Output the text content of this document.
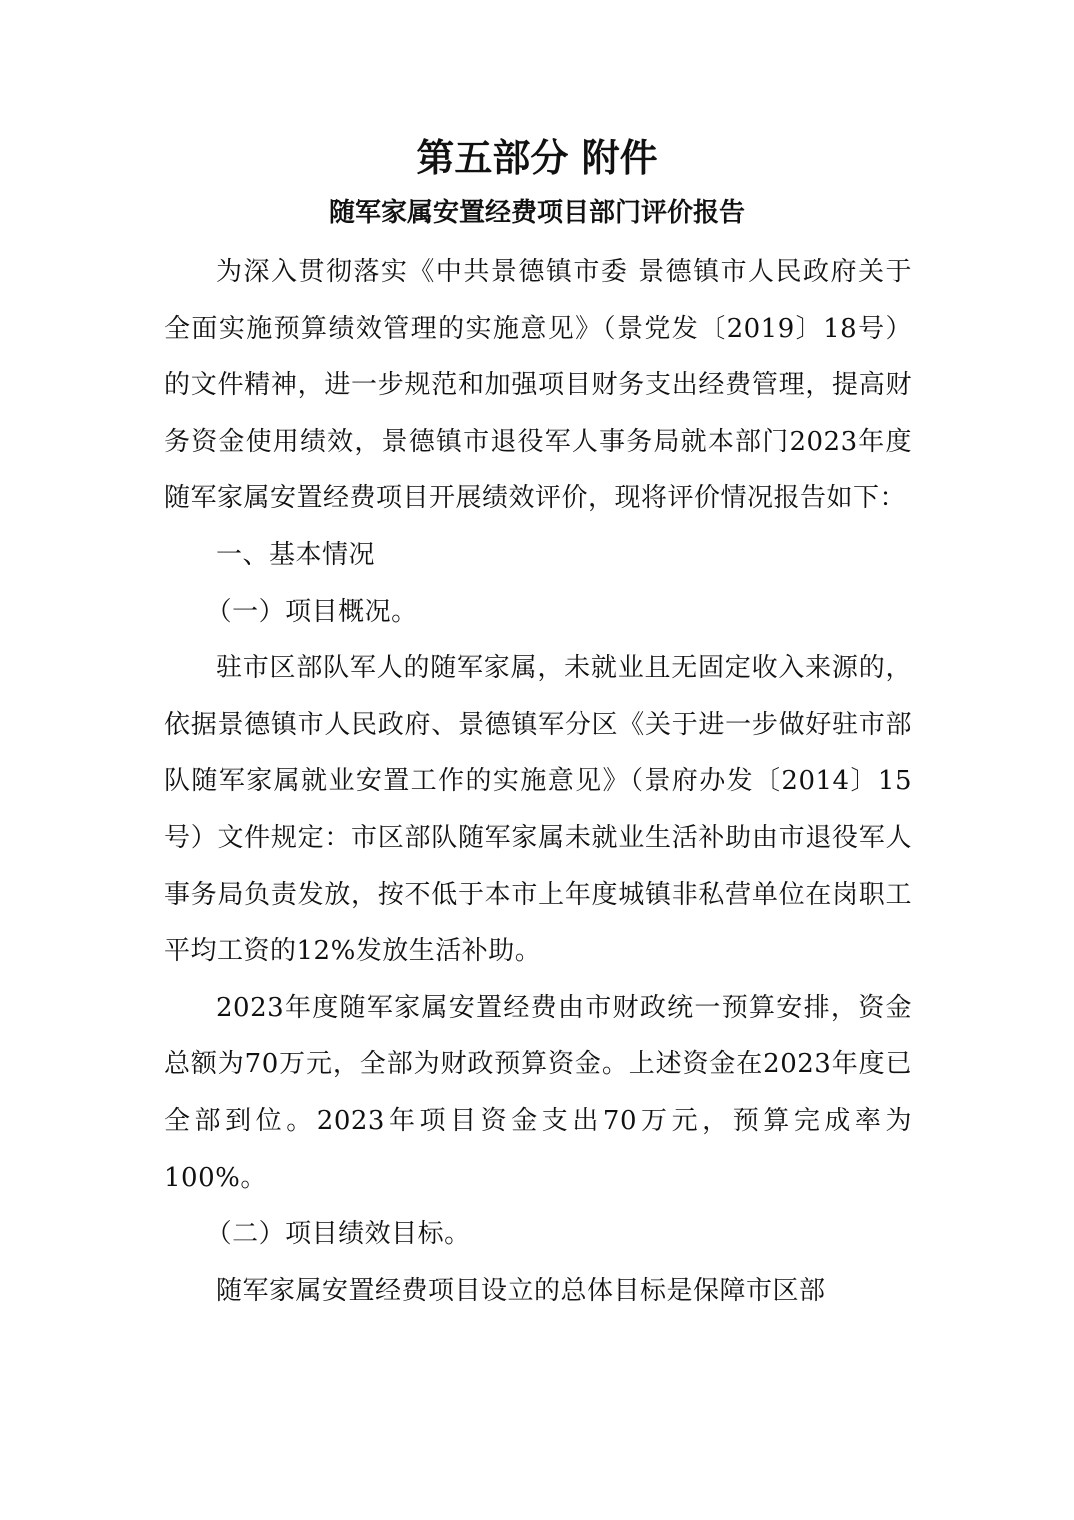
第五部分 附件
随军家属安置经费项目部门评价报告

为深入贯彻落实《中共景德镇市委 景德镇市人民政府关于全面实施预算绩效管理的实施意见》（景党发〔2019〕18号）的文件精神，进一步规范和加强项目财务支出经费管理，提高财务资金使用绩效，景德镇市退役军人事务局就本部门2023年度随军家属安置经费项目开展绩效评价，现将评价情况报告如下：

一、基本情况

（一）项目概况。

驻市区部队军人的随军家属，未就业且无固定收入来源的，依据景德镇市人民政府、景德镇军分区《关于进一步做好驻市部队随军家属就业安置工作的实施意见》（景府办发〔2014〕15号）文件规定：市区部队随军家属未就业生活补助由市退役军人事务局负责发放，按不低于本市上年度城镇非私营单位在岗职工平均工资的12%发放生活补助。

2023年度随军家属安置经费由市财政统一预算安排，资金总额为70万元，全部为财政预算资金。上述资金在2023年度已全部到位。2023年项目资金支出70万元，预算完成率为100%。

（二）项目绩效目标。

随军家属安置经费项目设立的总体目标是保障市区部
